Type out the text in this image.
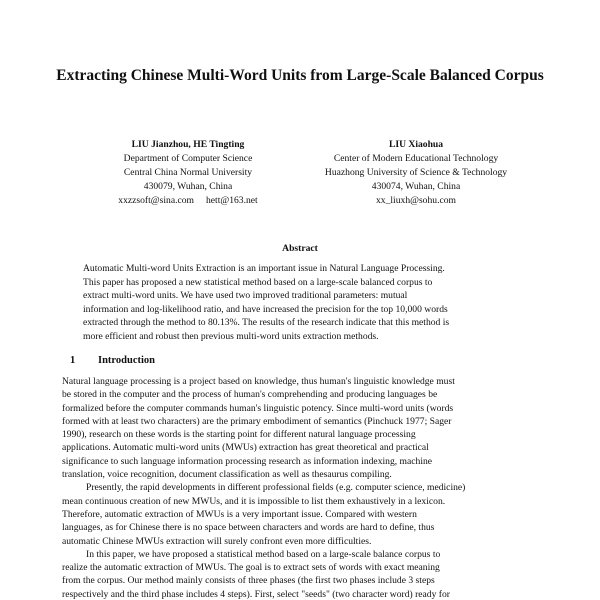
Extracting Chinese Multi-Word Units from Large-Scale Balanced Corpus
LIU Jianzhou, HE Tingting
Department of Computer Science
Central China Normal University
430079, Wuhan, China
xxzzsoft@sina.com     hett@163.net
LIU Xiaohua
Center of Modern Educational Technology
Huazhong University of Science & Technology
430074, Wuhan, China
xx_liuxh@sohu.com
Abstract
Automatic Multi-word Units Extraction is an important issue in Natural Language Processing.
This paper has proposed a new statistical method based on a large-scale balanced corpus to
extract multi-word units. We have used two improved traditional parameters: mutual
information and log-likelihood ratio, and have increased the precision for the top 10,000 words
extracted through the method to 80.13%. The results of the research indicate that this method is
more efficient and robust then previous multi-word units extraction methods.
1 Introduction
Natural language processing is a project based on knowledge, thus human's linguistic knowledge must
be stored in the computer and the process of human's comprehending and producing languages be
formalized before the computer commands human's linguistic potency. Since multi-word units (words
formed with at least two characters) are the primary embodiment of semantics (Pinchuck 1977; Sager
1990), research on these words is the starting point for different natural language processing
applications. Automatic multi-word units (MWUs) extraction has great theoretical and practical
significance to such language information processing research as information indexing, machine
translation, voice recognition, document classification as well as thesaurus compiling.
Presently, the rapid developments in different professional fields (e.g. computer science, medicine)
mean continuous creation of new MWUs, and it is impossible to list them exhaustively in a lexicon.
Therefore, automatic extraction of MWUs is a very important issue. Compared with western
languages, as for Chinese there is no space between characters and words are hard to define, thus
automatic Chinese MWUs extraction will surely confront even more difficulties.
In this paper, we have proposed a statistical method based on a large-scale balance corpus to
realize the automatic extraction of MWUs. The goal is to extract sets of words with exact meaning
from the corpus. Our method mainly consists of three phases (the first two phases include 3 steps
respectively and the third phase includes 4 steps). First, select "seeds" (two character word) ready for
